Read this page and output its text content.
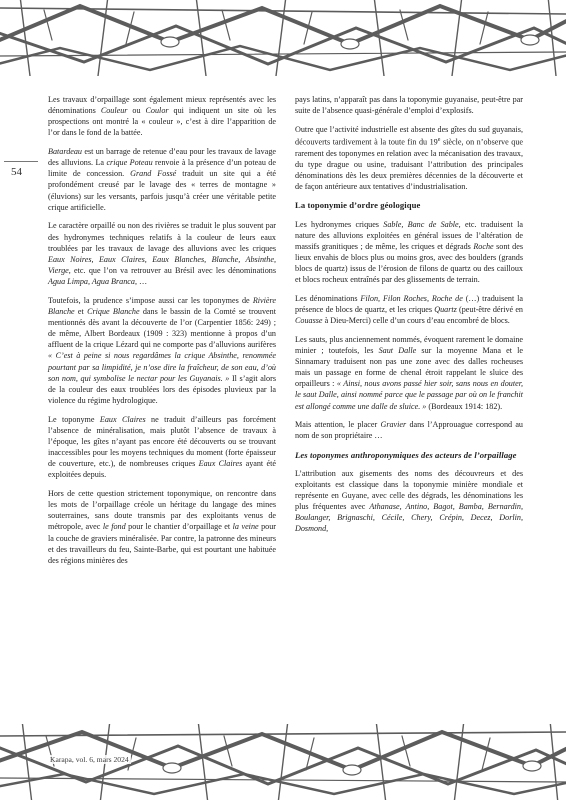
54

Les travaux d’orpaillage sont également mieux représentés avec les dénominations Couleur ou Coulor qui indiquent un site où les prospections ont montré la « couleur », c’est à dire l’apparition de l’or dans le fond de la battée.

Batardeau est un barrage de retenue d’eau pour les travaux de lavage des alluvions. La crique Poteau renvoie à la présence d’un poteau de limite de concession. Grand Fossé traduit un site qui a été profondément creusé par le lavage des « terres de montagne » (éluvions) sur les versants, parfois jusqu’à créer une véritable petite crique artificielle.

Le caractère orpaillé ou non des rivières se traduit le plus souvent par des hydronymes techniques relatifs à la couleur de leurs eaux troublées par les travaux de lavage des alluvions avec les criques Eaux Noires, Eaux Claires, Eaux Blanches, Blanche, Absinthe, Vierge, etc. que l’on va retrouver au Brésil avec les dénominations Agua Limpa, Agua Branca, …

Toutefois, la prudence s’impose aussi car les toponymes de Rivière Blanche et Crique Blanche dans le bassin de la Comté se trouvent mentionnés dès avant la découverte de l’or (Carpentier 1856: 249) ; de même, Albert Bordeaux (1909 : 323) mentionne à propos d’un affluent de la crique Lézard qui ne comporte pas d’alluvions aurifères « C’est à peine si nous regardâmes la crique Absinthe, renommée pourtant par sa limpidité, je n’ose dire la fraîcheur, de son eau, d’où son nom, qui symbolise le nectar pour les Guyanais. » Il s’agit alors de la couleur des eaux troublées lors des épisodes pluvieux par la violence du régime hydrologique.

Le toponyme Eaux Claires ne traduit d’ailleurs pas forcément l’absence de minéralisation, mais plutôt l’absence de travaux à l’époque, les gîtes n’ayant pas encore été découverts ou se trouvant inaccessibles pour les moyens techniques du moment (forte épaisseur de couverture, etc.), de nombreuses criques Eaux Claires ayant été exploitées depuis.

Hors de cette question strictement toponymique, on rencontre dans les mots de l’orpaillage créole un héritage du langage des mines souterraines, sans doute transmis par des exploitants venus de métropole, avec le fond pour le chantier d’orpaillage et la veine pour la couche de graviers minéralisée. Par contre, la patronne des mineurs et des travailleurs du feu, Sainte-Barbe, qui est pourtant une habituée des régions minières des

pays latins, n’apparaît pas dans la toponymie guyanaise, peut-être par suite de l’absence quasi-générale d’emploi d’explosifs.

Outre que l’activité industrielle est absente des gîtes du sud guyanais, découverts tardivement à la toute fin du 19e siècle, on n’observe que rarement des toponymes en relation avec la mécanisation des travaux, du type draguе ou usine, traduisant l’attribution des principales dénominations dès les deux premières décennies de la découverte et de façon antérieure aux tentatives d’industrialisation.

La toponymie d’ordre géologique

Les hydronymes criques Sable, Banc de Sable, etc. traduisent la nature des alluvions exploitées en général issues de l’altération de massifs granitiques ; de même, les criques et dégrads Roche sont des lieux envahis de blocs plus ou moins gros, avec des boulders (grands blocs de quartz) issus de l’érosion de filons de quartz ou des cailloux et blocs rocheux entraînés par des glissements de terrain.

Les dénominations Filon, Filon Roches, Roche de (…) traduisent la présence de blocs de quartz, et les criques Quartz (peut-être dérivé en Couasse à Dieu-Merci) celle d’un cours d’eau encombré de blocs.

Les sauts, plus anciennement nommés, évoquent rarement le domaine minier ; toutefois, les Saut Dalle sur la moyenne Mana et le Sinnamary traduisent non pas une zone avec des dalles rocheuses mais un passage en forme de chenal étroit rappelant le sluice des orpailleurs : « Ainsi, nous avons passé hier soir, sans nous en douter, le saut Dalle, ainsi nommé parce que le passage par où on le franchit est allongé comme une dalle de sluice. » (Bordeaux 1914: 182).

Mais attention, le placer Gravier dans l’Approuague correspond au nom de son propriétaire …

Les toponymes anthroponymiques des acteurs de l’orpaillage

L’attribution aux gisements des noms des découvreurs et des exploitants est classique dans la toponymie minière mondiale et représente en Guyane, avec celle des dégrads, les dénominations les plus fréquentes avec Athanase, Antino, Bagot, Bamba, Bernardin, Boulanger, Brignaschi, Cécile, Chery, Crépin, Decez, Dorlin, Dosmond,

Karapa, vol. 6, mars 2024
